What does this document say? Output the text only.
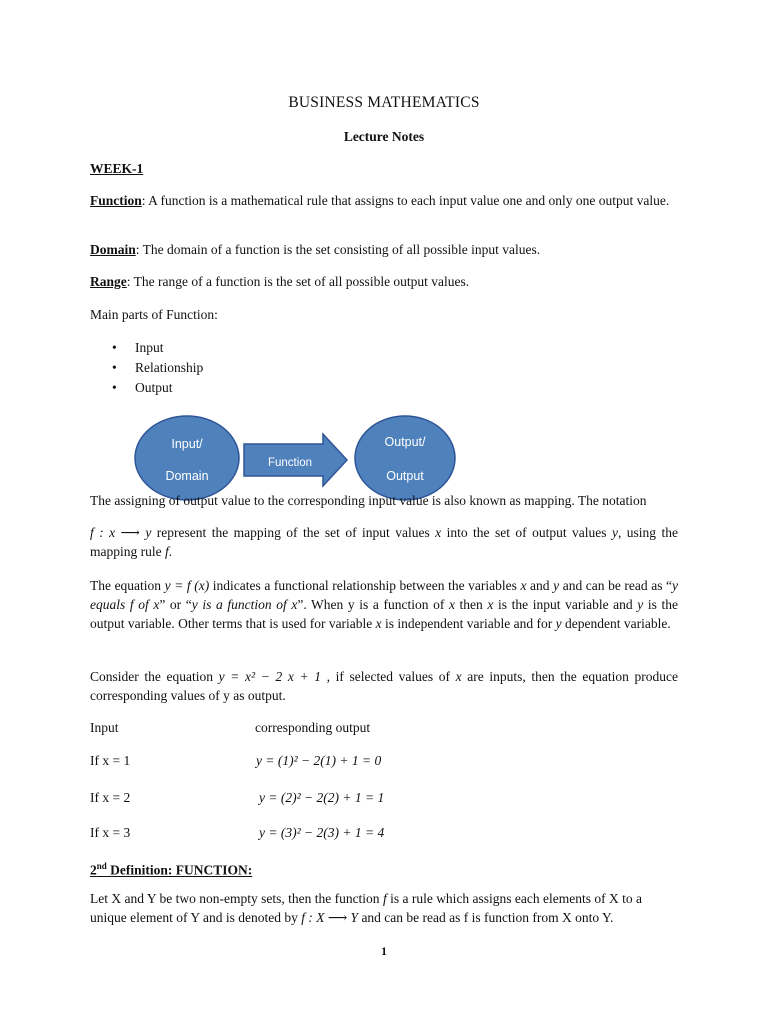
BUSINESS MATHEMATICS
Lecture Notes
WEEK-1
Function: A function is a mathematical rule that assigns to each input value one and only one output value.
Domain: The domain of a function is the set consisting of all possible input values.
Range: The range of a function is the set of all possible output values.
Main parts of Function:
• Input
• Relationship
• Output
Input/
Domain
Function
Output/
Output
The assigning of output value to the corresponding input value is also known as mapping. The notation
f : x ⟶ y represent the mapping of the set of input values x into the set of output values y, using the mapping rule f.
The equation y = f (x) indicates a functional relationship between the variables x and y and can be read as “y equals f of x” or “y is a function of x”. When y is a function of x then x is the input variable and y is the output variable. Other terms that is used for variable x is independent variable and for y dependent variable.
Consider the equation y = x² − 2 x + 1 , if selected values of x are inputs, then the equation produce corresponding values of y as output.
Input	corresponding output
If x = 1	y = (1)² − 2(1) + 1 = 0
If x = 2	y = (2)² − 2(2) + 1 = 1
If x = 3	y = (3)² − 2(3) + 1 = 4
2nd Definition: FUNCTION:
Let X and Y be two non-empty sets, then the function f is a rule which assigns each elements of X to a unique element of Y and is denoted by f : X ⟶ Y and can be read as f is function from X onto Y.
1
